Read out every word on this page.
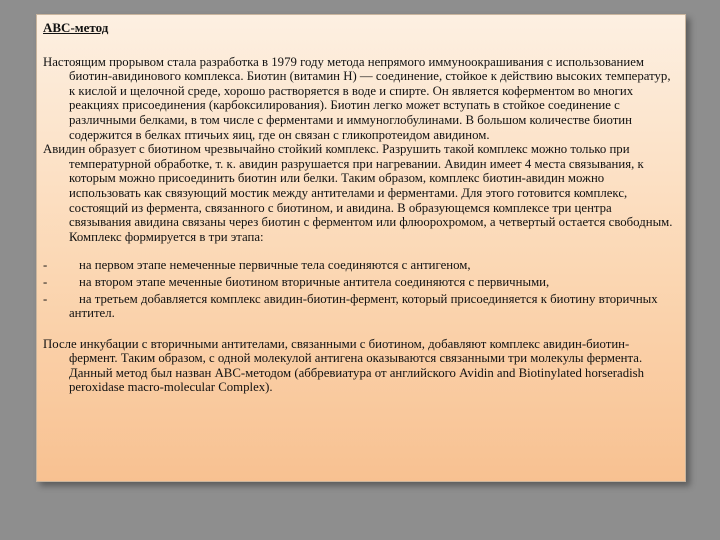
АВС-метод

Настоящим прорывом стала разработка в 1979 году метода непрямого иммуноокрашивания с использованием биотин-авидинового комплекса. Биотин (витамин Н) — соединение, стойкое к действию высоких температур, к кислой и щелочной среде, хорошо растворяется в воде и спирте. Он является коферментом во многих реакциях присоединения (карбоксилирования). Биотин легко может вступать в стойкое соединение с различными белками, в том числе с ферментами и иммуноглобулинами. В большом количестве биотин содержится в белках птичьих яиц, где он связан с гликопротеидом авидином.

Авидин образует с биотином чрезвычайно стойкий комплекс. Разрушить такой комплекс можно только при температурной обработке, т. к. авидин разрушается при нагревании. Авидин имеет 4 места связывания, к которым можно присоединить биотин или белки. Таким образом, комплекс биотин-авидин можно использовать как связующий мостик между антителами и ферментами. Для этого готовится комплекс, состоящий из фермента, связанного с биотином, и авидина. В образующемся комплексе три центра связывания авидина связаны через биотин с ферментом или флюорохромом, а четвертый остается свободным. Комплекс формируется в три этапа:

- на первом этапе немеченные первичные тела соединяются с антигеном,
- на втором этапе меченные биотином вторичные антитела соединяются с первичными,
- на третьем добавляется комплекс авидин-биотин-фермент, который присоединяется к биотину вторичных антител.

После инкубации с вторичными антителами, связанными с биотином, добавляют комплекс авидин-биотин-фермент. Таким образом, с одной молекулой антигена оказываются связанными три молекулы фермента. Данный метод был назван АВС-методом (аббревиатура от английского Avidin and Biotinylated horseradish peroxidase macro-molecular Complex).
